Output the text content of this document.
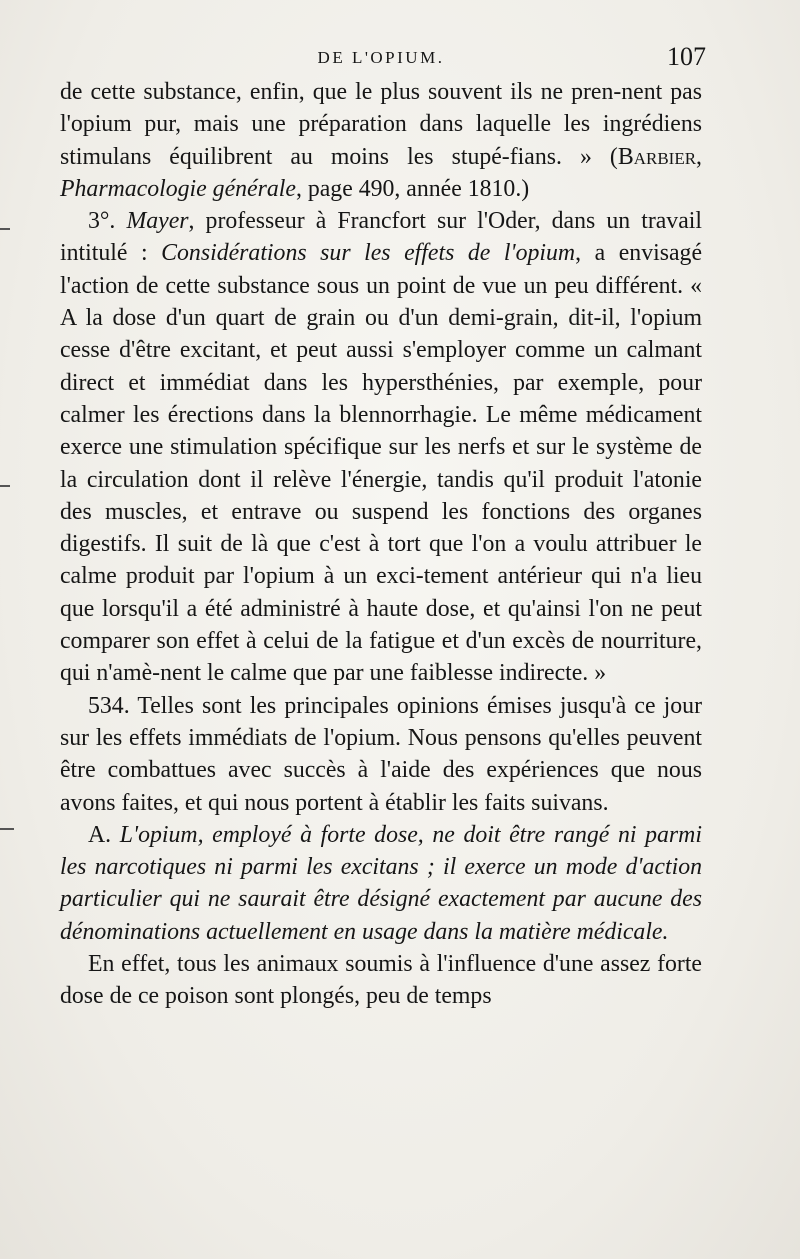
DE L'OPIUM.	107

de cette substance, enfin, que le plus souvent ils ne pren-nent pas l'opium pur, mais une préparation dans laquelle les ingrédiens stimulans équilibrent au moins les stupé-fians. » (Barbier, Pharmacologie générale, page 490, année 1810.)

3°. Mayer, professeur à Francfort sur l'Oder, dans un travail intitulé : Considérations sur les effets de l'opium, a envisagé l'action de cette substance sous un point de vue un peu différent. « A la dose d'un quart de grain ou d'un demi-grain, dit-il, l'opium cesse d'être excitant, et peut aussi s'employer comme un calmant direct et immédiat dans les hypersthénies, par exemple, pour calmer les érections dans la blennorrhagie. Le même médicament exerce une stimulation spécifique sur les nerfs et sur le système de la circulation dont il relève l'énergie, tandis qu'il produit l'atonie des muscles, et entrave ou suspend les fonctions des organes digestifs. Il suit de là que c'est à tort que l'on a voulu attribuer le calme produit par l'opium à un exci-tement antérieur qui n'a lieu que lorsqu'il a été administré à haute dose, et qu'ainsi l'on ne peut comparer son effet à celui de la fatigue et d'un excès de nourriture, qui n'amè-nent le calme que par une faiblesse indirecte. »

534. Telles sont les principales opinions émises jusqu'à ce jour sur les effets immédiats de l'opium. Nous pensons qu'elles peuvent être combattues avec succès à l'aide des expériences que nous avons faites, et qui nous portent à établir les faits suivans.

A. L'opium, employé à forte dose, ne doit être rangé ni parmi les narcotiques ni parmi les excitans ; il exerce un mode d'action particulier qui ne saurait être désigné exactement par aucune des dénominations actuellement en usage dans la matière médicale.

En effet, tous les animaux soumis à l'influence d'une assez forte dose de ce poison sont plongés, peu de temps
